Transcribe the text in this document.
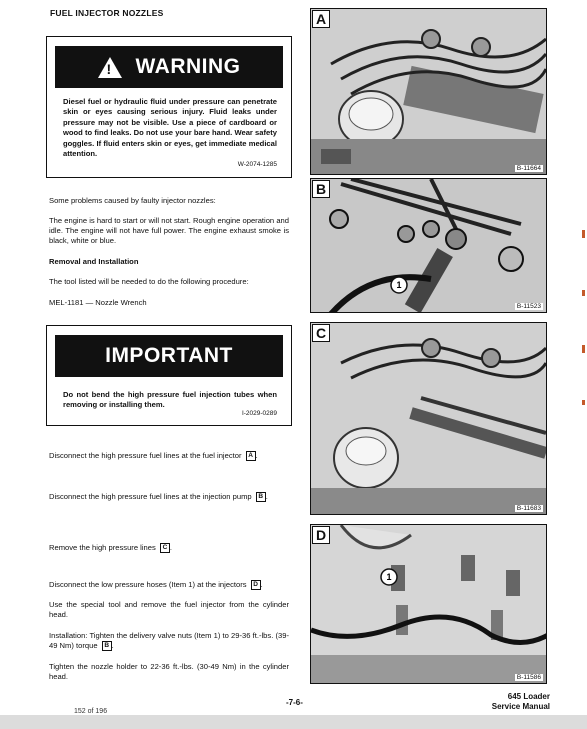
FUEL INJECTOR NOZZLES
! WARNING
Diesel fuel or hydraulic fluid under pressure can penetrate skin or eyes causing serious injury. Fluid leaks under pressure may not be visible. Use a piece of cardboard or wood to find leaks. Do not use your bare hand. Wear safety goggles. If fluid enters skin or eyes, get immediate medical attention.
W-2074-1285
Some problems caused by faulty injector nozzles:
The engine is hard to start or will not start. Rough engine operation and idle. The engine will not have full power. The engine exhaust smoke is black, white or blue.
Removal and Installation
The tool listed will be needed to do the following procedure:
MEL-1181 — Nozzle Wrench
IMPORTANT
Do not bend the high pressure fuel injection tubes when removing or installing them.
I-2029-0289
Disconnect the high pressure fuel lines at the fuel injector A .
Disconnect the high pressure fuel lines at the injection pump B .
Remove the high pressure lines C .
Disconnect the low pressure hoses (Item 1) at the injectors D .
Use the special tool and remove the fuel injector from the cylinder head.
Installation: Tighten the delivery valve nuts (Item 1) to 29-36 ft.-lbs. (39-49 Nm) torque B .
Tighten the nozzle holder to 22-36 ft.-lbs. (30-49 Nm) in the cylinder head.
A
B-11664
1
B
B-11523
C
B-11683
1
D
B-11586
-7-6-
645 Loader
Service Manual
152 of 196
